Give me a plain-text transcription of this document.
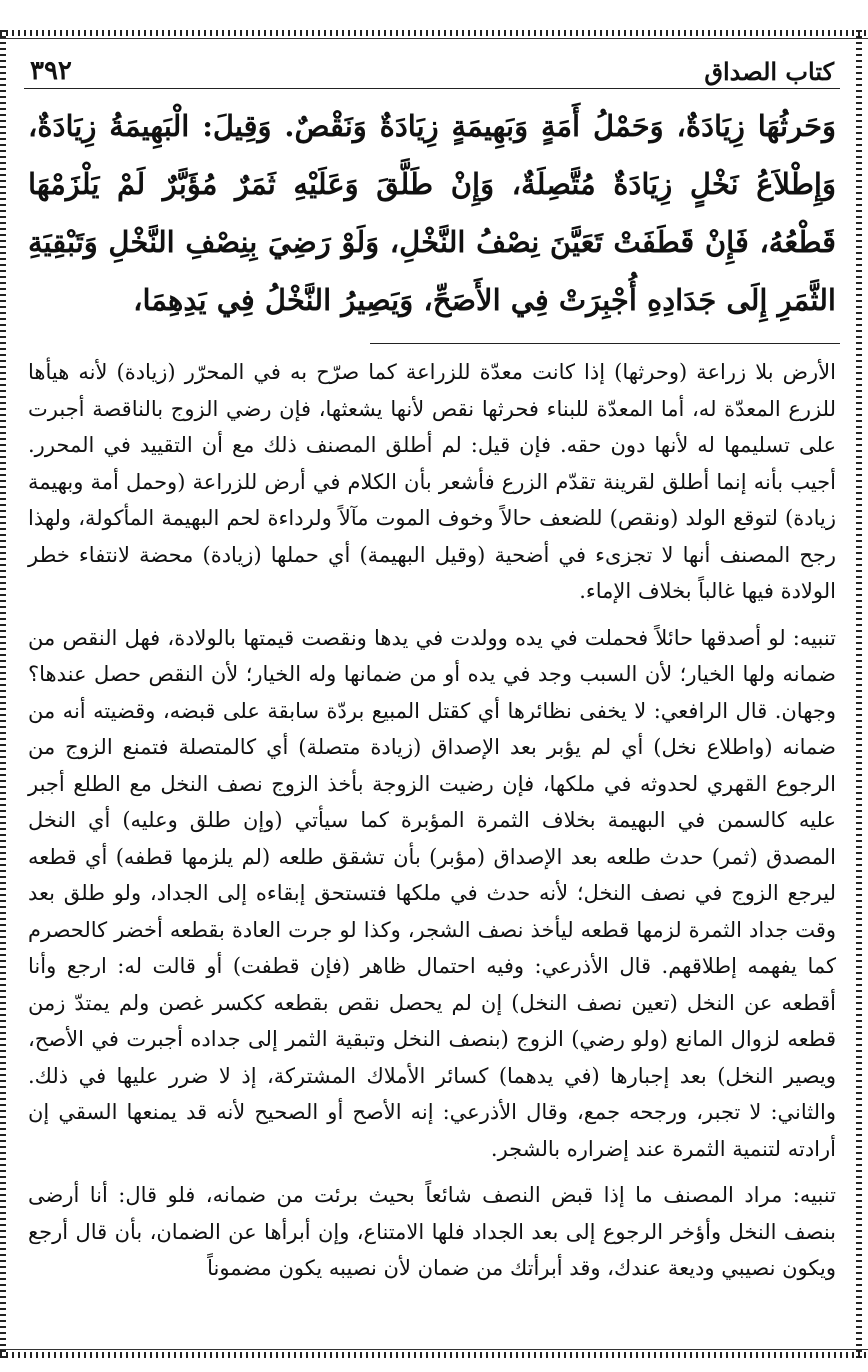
كتاب الصداق
٣٩٢
وَحَرثُهَا زِيَادَةٌ، وَحَمْلُ أَمَةٍ وَبَهِيمَةٍ زِيَادَةٌ وَنَقْصٌ. وَقِيلَ: الْبَهِيمَةُ زِيَادَةٌ، وَإِطْلاَعُ نَخْلٍ زِيَادَةٌ مُتَّصِلَةٌ، وَإِنْ طَلَّقَ وَعَلَيْهِ ثَمَرٌ مُؤَبَّرٌ لَمْ يَلْزَمْهَا قَطْعُهُ، فَإِنْ قَطَفَتْ تَعَيَّنَ نِصْفُ النَّخْلِ، وَلَوْ رَضِيَ بِنِصْفِ النَّخْلِ وَتَبْقِيَةِ الثَّمَرِ إِلَى جَدَادِهِ أُجْبِرَتْ فِي الأَصَحِّ، وَيَصِيرُ النَّخْلُ فِي يَدِهِمَا،

الأرض بلا زراعة (وحرثها) إذا كانت معدّة للزراعة كما صرّح به في المحرّر (زيادة) لأنه هيأها للزرع المعدّة له، أما المعدّة للبناء فحرثها نقص لأنها يشعثها، فإن رضي الزوج بالناقصة أجبرت على تسليمها له لأنها دون حقه. فإن قيل: لم أطلق المصنف ذلك مع أن التقييد في المحرر. أجيب بأنه إنما أطلق لقرينة تقدّم الزرع فأشعر بأن الكلام في أرض للزراعة (وحمل أمة وبهيمة زيادة) لتوقع الولد (ونقص) للضعف حالاً وخوف الموت مآلاً ولرداءة لحم البهيمة المأكولة، ولهذا رجح المصنف أنها لا تجزىء في أضحية (وقيل البهيمة) أي حملها (زيادة) محضة لانتفاء خطر الولادة فيها غالباً بخلاف الإماء.

تنبيه: لو أصدقها حائلاً فحملت في يده وولدت في يدها ونقصت قيمتها بالولادة، فهل النقص من ضمانه ولها الخيار؛ لأن السبب وجد في يده أو من ضمانها وله الخيار؛ لأن النقص حصل عندها؟ وجهان. قال الرافعي: لا يخفى نظائرها أي كقتل المبيع بردّة سابقة على قبضه، وقضيته أنه من ضمانه (واطلاع نخل) أي لم يؤبر بعد الإصداق (زيادة متصلة) أي كالمتصلة فتمنع الزوج من الرجوع القهري لحدوثه في ملكها، فإن رضيت الزوجة بأخذ الزوج نصف النخل مع الطلع أجبر عليه كالسمن في البهيمة بخلاف الثمرة المؤبرة كما سيأتي (وإن طلق وعليه) أي النخل المصدق (ثمر) حدث طلعه بعد الإصداق (مؤبر) بأن تشقق طلعه (لم يلزمها قطفه) أي قطعه ليرجع الزوج في نصف النخل؛ لأنه حدث في ملكها فتستحق إبقاءه إلى الجداد، ولو طلق بعد وقت جداد الثمرة لزمها قطعه ليأخذ نصف الشجر، وكذا لو جرت العادة بقطعه أخضر كالحصرم كما يفهمه إطلاقهم. قال الأذرعي: وفيه احتمال ظاهر (فإن قطفت) أو قالت له: ارجع وأنا أقطعه عن النخل (تعين نصف النخل) إن لم يحصل نقص بقطعه ككسر غصن ولم يمتدّ زمن قطعه لزوال المانع (ولو رضي) الزوج (بنصف النخل وتبقية الثمر إلى جداده أجبرت في الأصح، ويصير النخل) بعد إجبارها (في يدهما) كسائر الأملاك المشتركة، إذ لا ضرر عليها في ذلك. والثاني: لا تجبر، ورجحه جمع، وقال الأذرعي: إنه الأصح أو الصحيح لأنه قد يمنعها السقي إن أرادته لتنمية الثمرة عند إضراره بالشجر.

تنبيه: مراد المصنف ما إذا قبض النصف شائعاً بحيث برئت من ضمانه، فلو قال: أنا أرضى بنصف النخل وأؤخر الرجوع إلى بعد الجداد فلها الامتناع، وإن أبرأها عن الضمان، بأن قال أرجع ويكون نصيبي وديعة عندك، وقد أبرأتك من ضمان لأن نصيبه يكون مضموناً
